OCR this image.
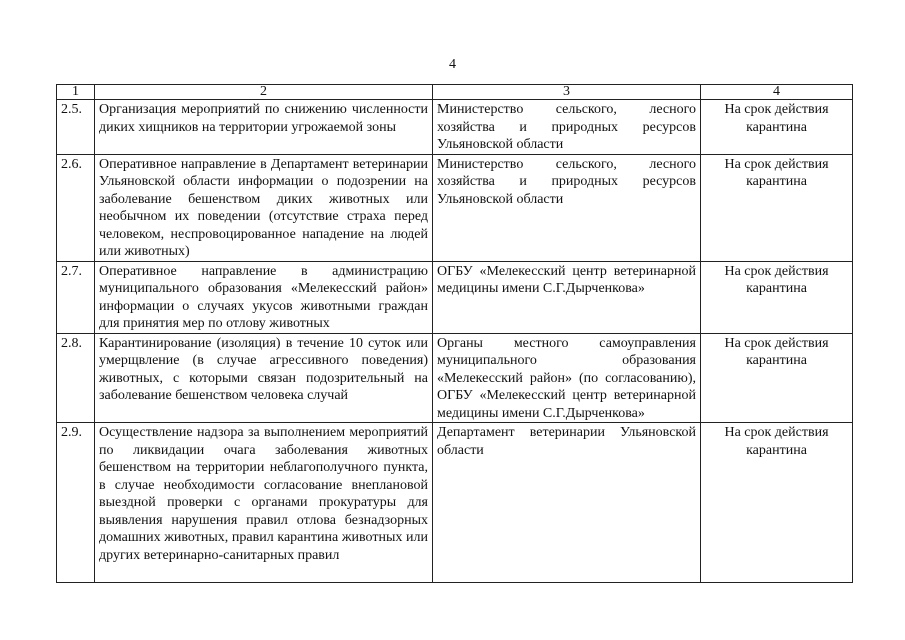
4
1	2	3	4
2.5.	Организация мероприятий по снижению численности диких хищников на территории угрожаемой зоны	Министерство сельского, лесного хозяйства и природных ресурсов Ульяновской области	На срок действия карантина
2.6.	Оперативное направление в Департамент ветеринарии Ульяновской области информации о подозрении на заболевание бешенством диких животных или необычном их поведении (отсутствие страха перед человеком, неспровоцированное нападение на людей или животных)	Министерство сельского, лесного хозяйства и природных ресурсов Ульяновской области	На срок действия карантина
2.7.	Оперативное направление в администрацию муниципального образования «Мелекесский район» информации о случаях укусов животными граждан для принятия мер по отлову животных	ОГБУ «Мелекесский центр ветеринарной медицины имени С.Г.Дырченкова»	На срок действия карантина
2.8.	Карантинирование (изоляция) в течение 10 суток или умерщвление (в случае агрессивного поведения) животных, с которыми связан подозрительный на заболевание бешенством человека случай	Органы местного самоуправления муниципального образования «Мелекесский район» (по согласованию), ОГБУ «Мелекесский центр ветеринарной медицины имени С.Г.Дырченкова»	На срок действия карантина
2.9.	Осуществление надзора за выполнением мероприятий по ликвидации очага заболевания животных бешенством на территории неблагополучного пункта, в случае необходимости согласование внеплановой выездной проверки с органами прокуратуры для выявления нарушения правил отлова безнадзорных домашних животных, правил карантина животных или других ветеринарно-санитарных правил	Департамент ветеринарии Ульяновской области	На срок действия карантина
